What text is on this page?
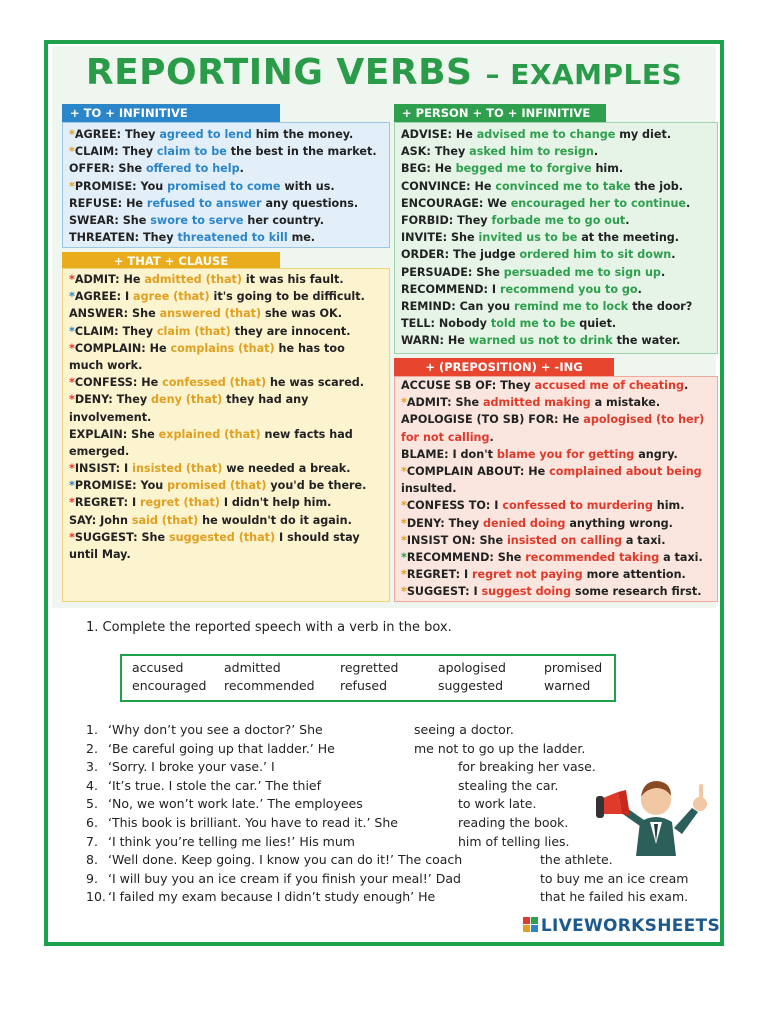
REPORTING VERBS – EXAMPLES
+ TO + INFINITIVE
*AGREE: They agreed to lend him the money.
*CLAIM: They claim to be the best in the market.
OFFER: She offered to help.
*PROMISE: You promised to come with us.
REFUSE: He refused to answer any questions.
SWEAR: She swore to serve her country.
THREATEN: They threatened to kill me.
+ PERSON + TO + INFINITIVE
ADVISE: He advised me to change my diet.
ASK: They asked him to resign.
BEG: He begged me to forgive him.
CONVINCE: He convinced me to take the job.
ENCOURAGE: We encouraged her to continue.
FORBID: They forbade me to go out.
INVITE: She invited us to be at the meeting.
ORDER: The judge ordered him to sit down.
PERSUADE: She persuaded me to sign up.
RECOMMEND: I recommend you to go.
REMIND: Can you remind me to lock the door?
TELL: Nobody told me to be quiet.
WARN: He warned us not to drink the water.
+ THAT + CLAUSE
*ADMIT: He admitted (that) it was his fault.
*AGREE: I agree (that) it's going to be difficult.
ANSWER: She answered (that) she was OK.
*CLAIM: They claim (that) they are innocent.
*COMPLAIN: He complains (that) he has too
much work.
*CONFESS: He confessed (that) he was scared.
*DENY: They deny (that) they had any
involvement.
EXPLAIN: She explained (that) new facts had
emerged.
*INSIST: I insisted (that) we needed a break.
*PROMISE: You promised (that) you'd be there.
*REGRET: I regret (that) I didn't help him.
SAY: John said (that) he wouldn't do it again.
*SUGGEST: She suggested (that) I should stay
until May.
+ (PREPOSITION) + -ING
ACCUSE SB OF: They accused me of cheating.
*ADMIT: She admitted making a mistake.
APOLOGISE (TO SB) FOR: He apologised (to her)
for not calling.
BLAME: I don't blame you for getting angry.
*COMPLAIN ABOUT: He complained about being
insulted.
*CONFESS TO: I confessed to murdering him.
*DENY: They denied doing anything wrong.
*INSIST ON: She insisted on calling a taxi.
*RECOMMEND: She recommended taking a taxi.
*REGRET: I regret not paying more attention.
*SUGGEST: I suggest doing some research first.
1. Complete the reported speech with a verb in the box.
accused	admitted	regretted	apologised	promised
encouraged recommended refused	suggested	warned
1. ‘Why don’t you see a doctor?’ She	seeing a doctor.
2. ‘Be careful going up that ladder.’ He	me not to go up the ladder.
3. ‘Sorry. I broke your vase.’ I	for breaking her vase.
4. ‘It’s true. I stole the car.’ The thief	stealing the car.
5. ‘No, we won’t work late.’ The employees	to work late.
6. ‘This book is brilliant. You have to read it.’ She	reading the book.
7. ‘I think you’re telling me lies!’ His mum	him of telling lies.
8. ‘Well done. Keep going. I know you can do it!’ The coach	the athlete.
9. ‘I will buy you an ice cream if you finish your meal!’ Dad	to buy me an ice cream
10. ‘I failed my exam because I didn’t study enough’ He	that he failed his exam.
LIVEWORKSHEETS
